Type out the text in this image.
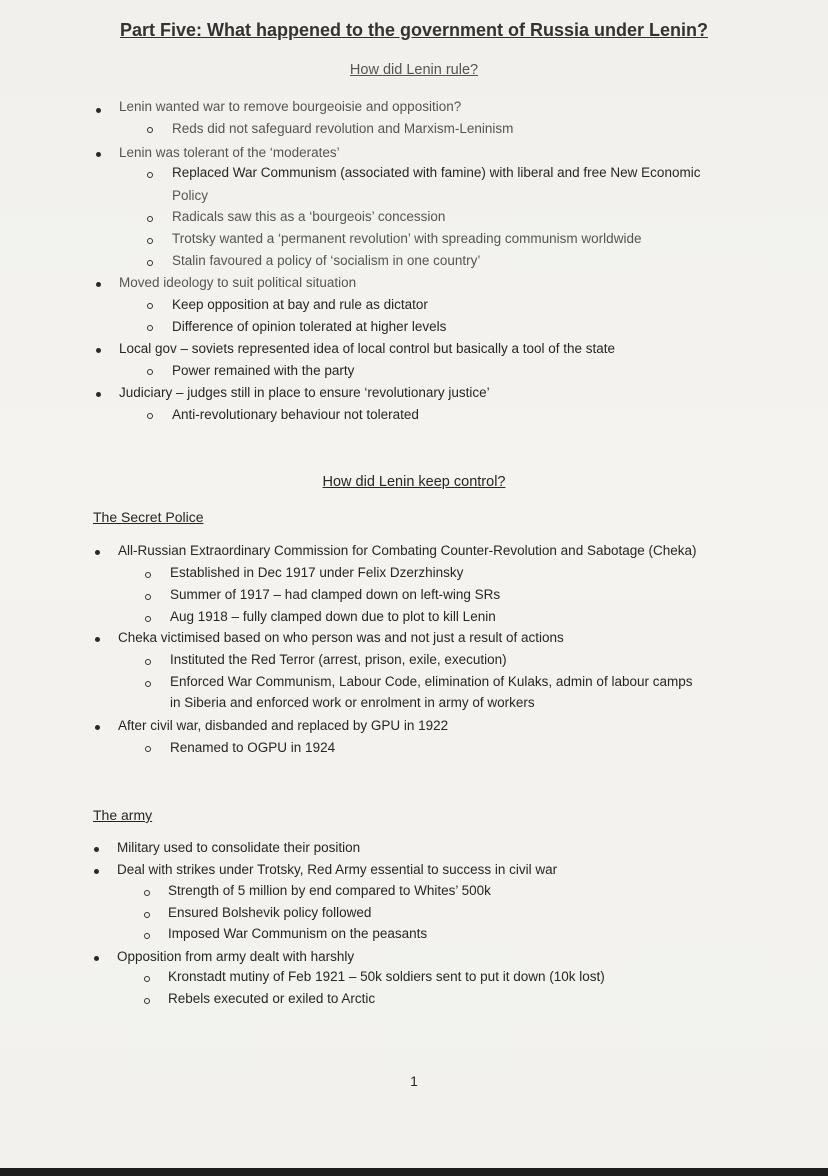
Part Five: What happened to the government of Russia under Lenin?
How did Lenin rule?
Lenin wanted war to remove bourgeoisie and opposition?
Reds did not safeguard revolution and Marxism-Leninism
Lenin was tolerant of the ‘moderates’
Replaced War Communism (associated with famine) with liberal and free New Economic
Policy
Radicals saw this as a ‘bourgeois’ concession
Trotsky wanted a ‘permanent revolution’ with spreading communism worldwide
Stalin favoured a policy of ‘socialism in one country’
Moved ideology to suit political situation
Keep opposition at bay and rule as dictator
Difference of opinion tolerated at higher levels
Local gov – soviets represented idea of local control but basically a tool of the state
Power remained with the party
Judiciary – judges still in place to ensure ‘revolutionary justice’
Anti-revolutionary behaviour not tolerated
How did Lenin keep control?
The Secret Police
All-Russian Extraordinary Commission for Combating Counter-Revolution and Sabotage (Cheka)
Established in Dec 1917 under Felix Dzerzhinsky
Summer of 1917 – had clamped down on left-wing SRs
Aug 1918 – fully clamped down due to plot to kill Lenin
Cheka victimised based on who person was and not just a result of actions
Instituted the Red Terror (arrest, prison, exile, execution)
Enforced War Communism, Labour Code, elimination of Kulaks, admin of labour camps
in Siberia and enforced work or enrolment in army of workers
After civil war, disbanded and replaced by GPU in 1922
Renamed to OGPU in 1924
The army
Military used to consolidate their position
Deal with strikes under Trotsky, Red Army essential to success in civil war
Strength of 5 million by end compared to Whites’ 500k
Ensured Bolshevik policy followed
Imposed War Communism on the peasants
Opposition from army dealt with harshly
Kronstadt mutiny of Feb 1921 – 50k soldiers sent to put it down (10k lost)
Rebels executed or exiled to Arctic
1
